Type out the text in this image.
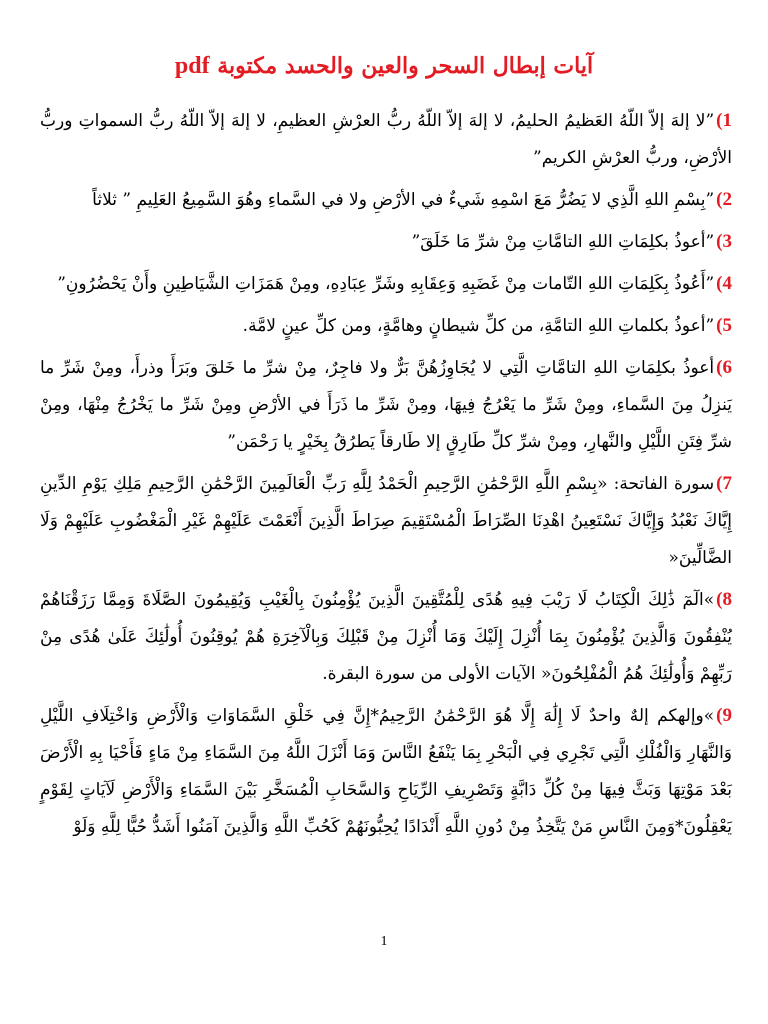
آيات إبطال السحر والعين والحسد مكتوبة pdf

1)”لا إلهَ إلاّ اللّهُ العَظيمُ الحليمُ، لا إلهَ إلاّ اللّهُ ربُّ العرْشِ العظيمِ، لا إلهَ إلاّ اللّهُ ربُّ السمواتِ وربُّ الأرْضِ، وربُّ العرْشِ الكريم”

2)”بِسْمِ اللهِ الَّذِي لا يَضُرُّ مَعَ اسْمِهِ شَيءٌ في الأرْضِ ولا في السَّماءِ وهُوَ السَّمِيعُ العَلِيمِ ” ثلاثاً

3)”أعوذُ بكلِمَاتِ اللهِ التامَّاتِ مِنْ شرِّ مَا خَلَقَ”

4)”أَعُوذُ بِكَلِمَاتِ اللهِ التّامات مِنْ غَضَبِهِ وَعِقَابِهِ وشَرِّ عِبَادِهِ، ومِنْ هَمَزَاتِ الشَّيَاطِينِ وأَنْ يَحْضُرُونِ”

5)”أعوذُ بكلماتِ اللهِ التامَّةِ، من كلِّ شيطانٍ وهامَّةٍ، ومن كلِّ عينٍ لامَّة.

6)أعوذُ بكلِمَاتِ اللهِ التامَّاتِ الَّتِي لا يُجَاوِزُهُنَّ بَرٌّ ولا فاجِرٌ، مِنْ شرِّ ما خَلقَ وبَرَأَ وذرأَ، ومِنْ شَرِّ ما يَنزِلُ مِنَ السَّماءِ، ومِنْ شَرِّ ما يَعْرُجُ فِيهَا، ومِنْ شَرِّ ما ذَرَأَ في الأرْضِ ومِنْ شَرِّ ما يَخْرُجُ مِنْهَا، ومِنْ شرِّ فِتَنِ اللَّيْلِ والنَّهارِ، ومِنْ شرِّ كلِّ طَارِقٍ إلا طَارقاً يَطرُقُ بِخَيْرٍ يا رَحْمَن”

7)سورة الفاتحة: «بِسْمِ اللَّهِ الرَّحْمَٰنِ الرَّحِيمِ الْحَمْدُ لِلَّهِ رَبِّ الْعَالَمِينَ الرَّحْمَٰنِ الرَّحِيمِ مَلِكِ يَوْمِ الدِّينِ إِيَّاكَ نَعْبُدُ وَإِيَّاكَ نَسْتَعِينُ اهْدِنَا الصِّرَاطَ الْمُسْتَقِيمَ صِرَاطَ الَّذِينَ أَنْعَمْتَ عَلَيْهِمْ غَيْرِ الْمَغْضُوبِ عَلَيْهِمْ وَلَا الضَّالِّينَ«

8)»الٓمٓ ذَٰلِكَ الْكِتَابُ لَا رَيْبَ فِيهِ هُدًى لِلْمُتَّقِينَ الَّذِينَ يُؤْمِنُونَ بِالْغَيْبِ وَيُقِيمُونَ الصَّلَاةَ وَمِمَّا رَزَقْنَاهُمْ يُنْفِقُونَ وَالَّذِينَ يُؤْمِنُونَ بِمَا أُنْزِلَ إِلَيْكَ وَمَا أُنْزِلَ مِنْ قَبْلِكَ وَبِالْآخِرَةِ هُمْ يُوقِنُونَ أُولَٰئِكَ عَلَىٰ هُدًى مِنْ رَبِّهِمْ وَأُولَٰئِكَ هُمُ الْمُفْلِحُونَ« الآيات الأولى من سورة البقرة.

9)»وإلهكم إلهٌ واحدٌ لَا إِلَٰهَ إِلَّا هُوَ الرَّحْمَٰنُ الرَّحِيمُ*إِنَّ فِي خَلْقِ السَّمَاوَاتِ وَالْأَرْضِ وَاخْتِلَافِ اللَّيْلِ وَالنَّهَارِ وَالْفُلْكِ الَّتِي تَجْرِي فِي الْبَحْرِ بِمَا يَنْفَعُ النَّاسَ وَمَا أَنْزَلَ اللَّهُ مِنَ السَّمَاءِ مِنْ مَاءٍ فَأَحْيَا بِهِ الْأَرْضَ بَعْدَ مَوْتِهَا وَبَثَّ فِيهَا مِنْ كُلِّ دَابَّةٍ وَتَصْرِيفِ الرِّيَاحِ وَالسَّحَابِ الْمُسَخَّرِ بَيْنَ السَّمَاءِ وَالْأَرْضِ لَآيَاتٍ لِقَوْمٍ يَعْقِلُونَ*وَمِنَ النَّاسِ مَنْ يَتَّخِذُ مِنْ دُونِ اللَّهِ أَنْدَادًا يُحِبُّونَهُمْ كَحُبِّ اللَّهِ وَالَّذِينَ آمَنُوا أَشَدُّ حُبًّا لِلَّهِ وَلَوْ

1
